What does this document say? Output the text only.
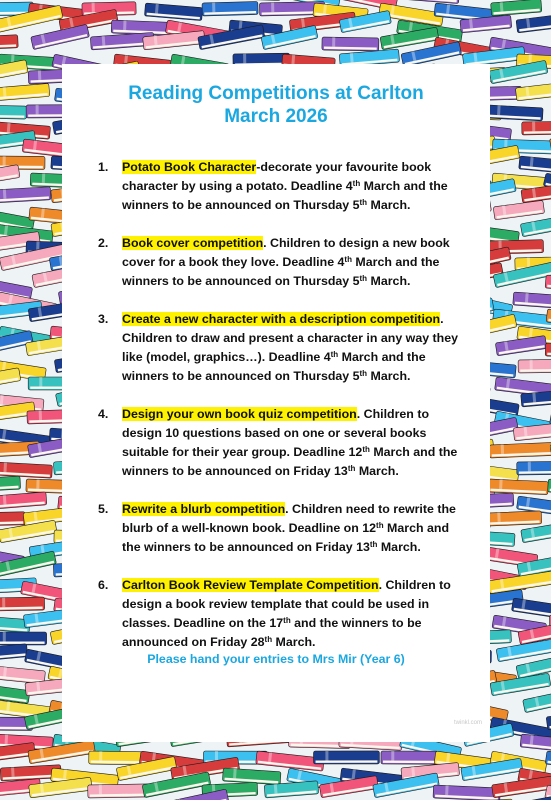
Reading Competitions at Carlton
March 2026
1. Potato Book Character-decorate your favourite book
character by using a potato. Deadline 4th March and the
winners to be announced on Thursday 5th March.
2. Book cover competition. Children to design a new book
cover for a book they love. Deadline 4th March and the
winners to be announced on Thursday 5th March.
3. Create a new character with a description competition.
Children to draw and present a character in any way they
like (model, graphics…). Deadline 4th March and the
winners to be announced on Thursday 5th March.
4. Design your own book quiz competition. Children to
design 10 questions based on one or several books
suitable for their year group. Deadline 12th March and the
winners to be announced on Friday 13th March.
5. Rewrite a blurb competition. Children need to rewrite the
blurb of a well-known book. Deadline on 12th March and
the winners to be announced on Friday 13th March.
6. Carlton Book Review Template Competition. Children to
design a book review template that could be used in
classes. Deadline on the 17th and the winners to be
announced on Friday 28th March.
Please hand your entries to Mrs Mir (Year 6)
twinkl.com
